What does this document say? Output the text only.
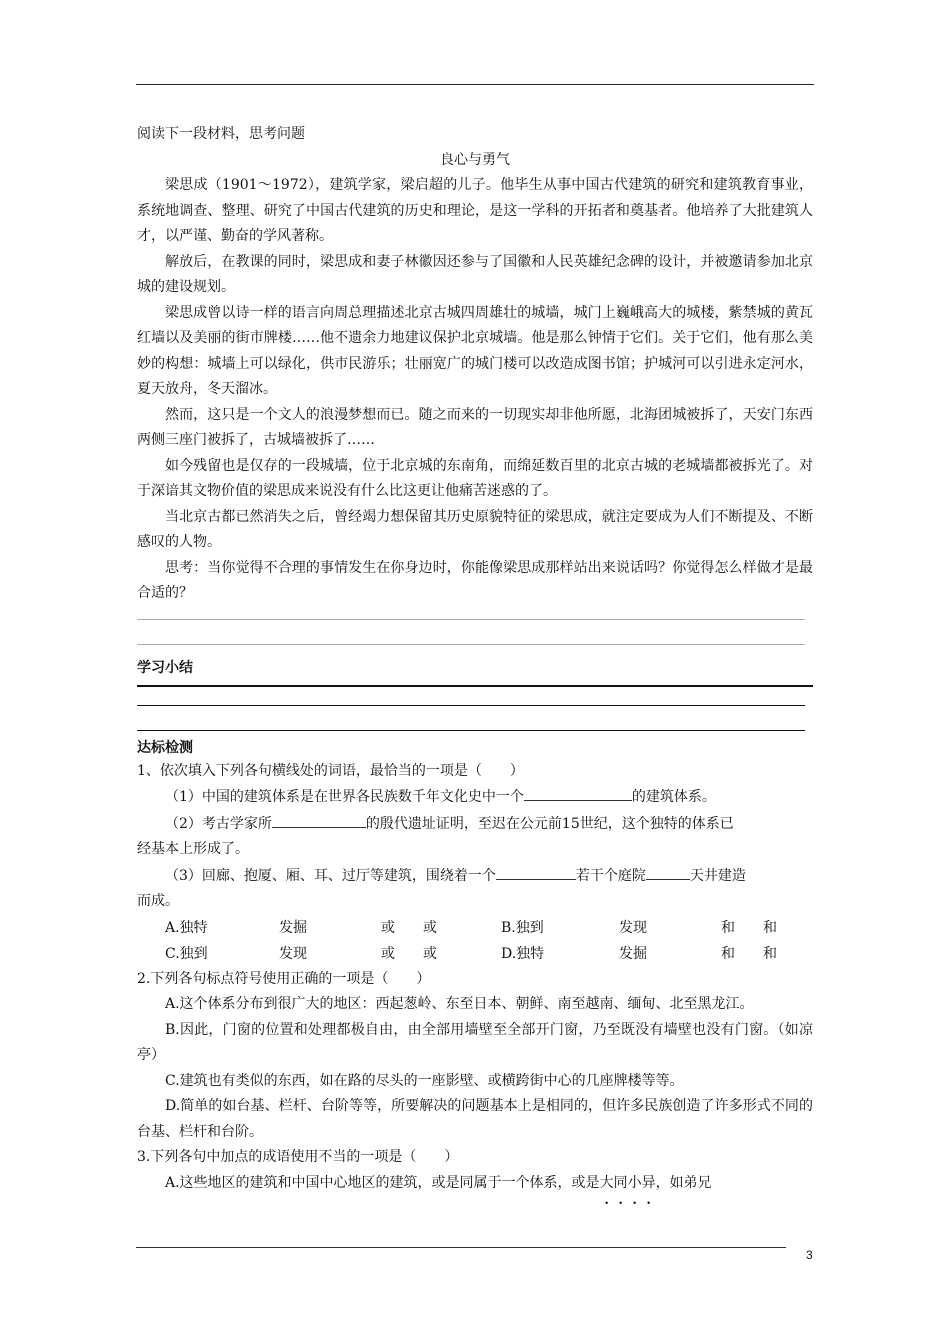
阅读下一段材料，思考问题

良心与勇气

梁思成（1901～1972），建筑学家，梁启超的儿子。他毕生从事中国古代建筑的研究和建筑教育事业，系统地调查、整理、研究了中国古代建筑的历史和理论，是这一学科的开拓者和奠基者。他培养了大批建筑人才，以严谨、勤奋的学风著称。

解放后，在教课的同时，梁思成和妻子林徽因还参与了国徽和人民英雄纪念碑的设计，并被邀请参加北京城的建设规划。

梁思成曾以诗一样的语言向周总理描述北京古城四周雄壮的城墙，城门上巍峨高大的城楼，紫禁城的黄瓦红墙以及美丽的街市牌楼……他不遗余力地建议保护北京城墙。他是那么钟情于它们。关于它们，他有那么美妙的构想：城墙上可以绿化，供市民游乐；壮丽宽广的城门楼可以改造成图书馆；护城河可以引进永定河水，夏天放舟，冬天溜冰。

然而，这只是一个文人的浪漫梦想而已。随之而来的一切现实却非他所愿，北海团城被拆了，天安门东西两侧三座门被拆了，古城墙被拆了……

如今残留也是仅存的一段城墙，位于北京城的东南角，而绵延数百里的北京古城的老城墙都被拆光了。对于深谙其文物价值的梁思成来说没有什么比这更让他痛苦迷惑的了。

当北京古都已然消失之后，曾经竭力想保留其历史原貌特征的梁思成，就注定要成为人们不断提及、不断感叹的人物。

思考：当你觉得不合理的事情发生在你身边时，你能像梁思成那样站出来说话吗？你觉得怎么样做才是最合适的？

学习小结

达标检测

1、依次填入下列各句横线处的词语，最恰当的一项是（　　）

（1）中国的建筑体系是在世界各民族数千年文化史中一个	的建筑体系。

（2）考古学家所	的殷代遗址证明，至迟在公元前15世纪，这个独特的体系已

经基本上形成了。

（3）回廊、抱厦、厢、耳、过厅等建筑，围绕着一个	若干个庭院	天井建造

而成。

A.独特	发掘	或	或	B.独到	发现	和	和
C.独到	发现	或	或	D.独特	发掘	和	和

2.下列各句标点符号使用正确的一项是（　　）

A.这个体系分布到很广大的地区：西起葱岭、东至日本、朝鲜、南至越南、缅甸、北至黑龙江。

B.因此，门窗的位置和处理都极自由，由全部用墙壁至全部开门窗，乃至既没有墙壁也没有门窗。（如凉亭）

C.建筑也有类似的东西，如在路的尽头的一座影壁、或横跨街中心的几座牌楼等等。

D.简单的如台基、栏杆、台阶等等，所要解决的问题基本上是相同的，但许多民族创造了许多形式不同的台基、栏杆和台阶。

3.下列各句中加点的成语使用不当的一项是（　　）

A.这些地区的建筑和中国中心地区的建筑，或是同属于一个体系，或是大同小异，如弟兄

3
